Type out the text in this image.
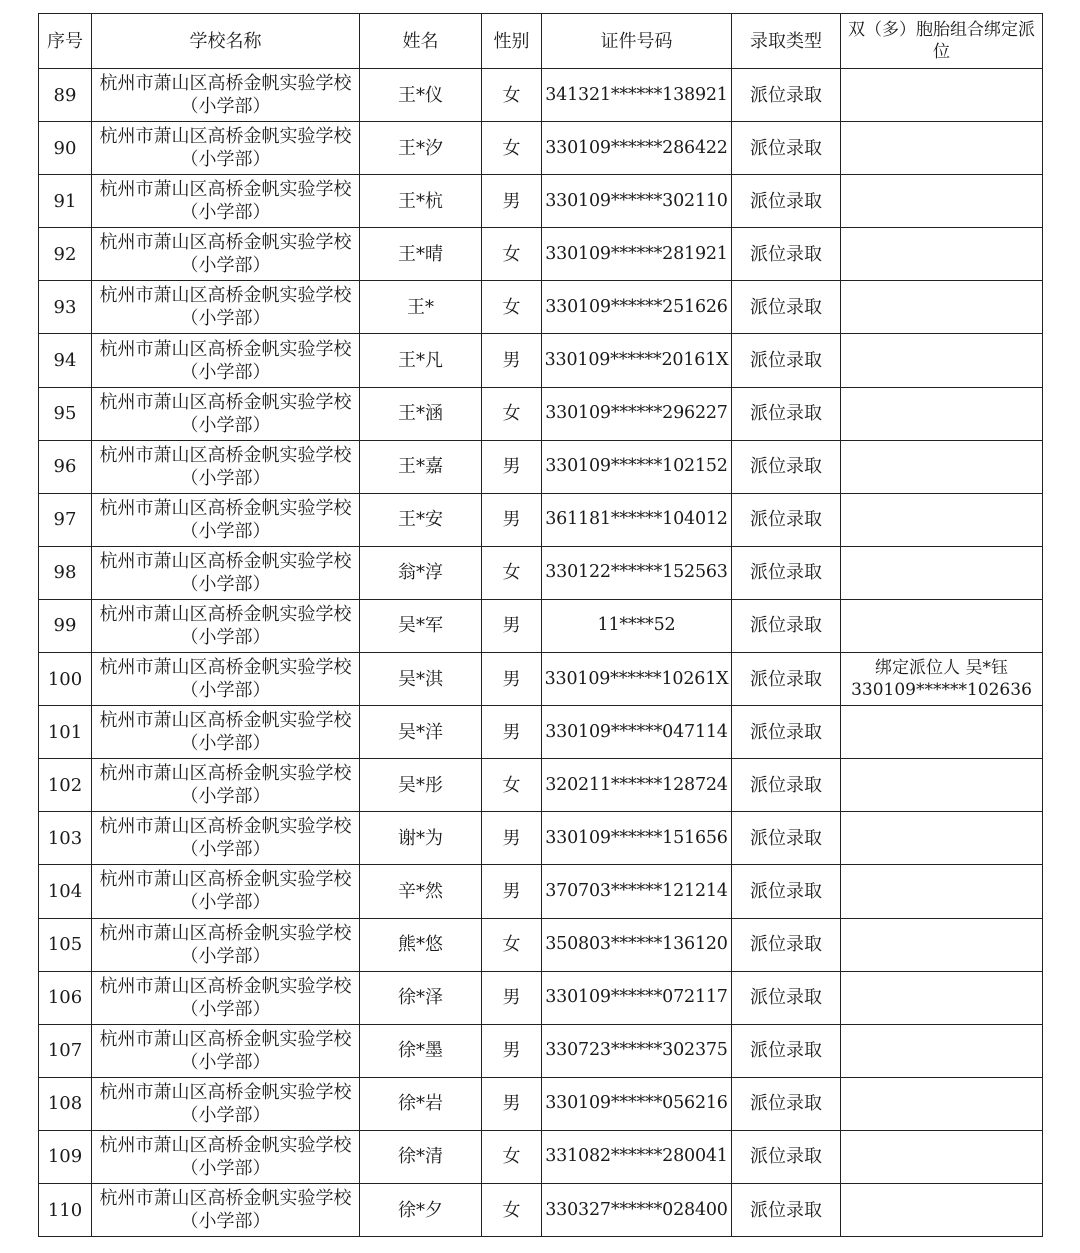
序号	学校名称	姓名	性别	证件号码	录取类型	双（多）胞胎组合绑定派位
89	杭州市萧山区高桥金帆实验学校（小学部）	王*仪	女	341321******138921	派位录取	
90	杭州市萧山区高桥金帆实验学校（小学部）	王*汐	女	330109******286422	派位录取	
91	杭州市萧山区高桥金帆实验学校（小学部）	王*杭	男	330109******302110	派位录取	
92	杭州市萧山区高桥金帆实验学校（小学部）	王*晴	女	330109******281921	派位录取	
93	杭州市萧山区高桥金帆实验学校（小学部）	王*	女	330109******251626	派位录取	
94	杭州市萧山区高桥金帆实验学校（小学部）	王*凡	男	330109******20161X	派位录取	
95	杭州市萧山区高桥金帆实验学校（小学部）	王*涵	女	330109******296227	派位录取	
96	杭州市萧山区高桥金帆实验学校（小学部）	王*嘉	男	330109******102152	派位录取	
97	杭州市萧山区高桥金帆实验学校（小学部）	王*安	男	361181******104012	派位录取	
98	杭州市萧山区高桥金帆实验学校（小学部）	翁*淳	女	330122******152563	派位录取	
99	杭州市萧山区高桥金帆实验学校（小学部）	吴*军	男	11****52	派位录取	
100	杭州市萧山区高桥金帆实验学校（小学部）	吴*淇	男	330109******10261X	派位录取	绑定派位人 吴*钰 330109******102636
101	杭州市萧山区高桥金帆实验学校（小学部）	吴*洋	男	330109******047114	派位录取	
102	杭州市萧山区高桥金帆实验学校（小学部）	吴*彤	女	320211******128724	派位录取	
103	杭州市萧山区高桥金帆实验学校（小学部）	谢*为	男	330109******151656	派位录取	
104	杭州市萧山区高桥金帆实验学校（小学部）	辛*然	男	370703******121214	派位录取	
105	杭州市萧山区高桥金帆实验学校（小学部）	熊*悠	女	350803******136120	派位录取	
106	杭州市萧山区高桥金帆实验学校（小学部）	徐*泽	男	330109******072117	派位录取	
107	杭州市萧山区高桥金帆实验学校（小学部）	徐*墨	男	330723******302375	派位录取	
108	杭州市萧山区高桥金帆实验学校（小学部）	徐*岩	男	330109******056216	派位录取	
109	杭州市萧山区高桥金帆实验学校（小学部）	徐*清	女	331082******280041	派位录取	
110	杭州市萧山区高桥金帆实验学校（小学部）	徐*夕	女	330327******028400	派位录取	
